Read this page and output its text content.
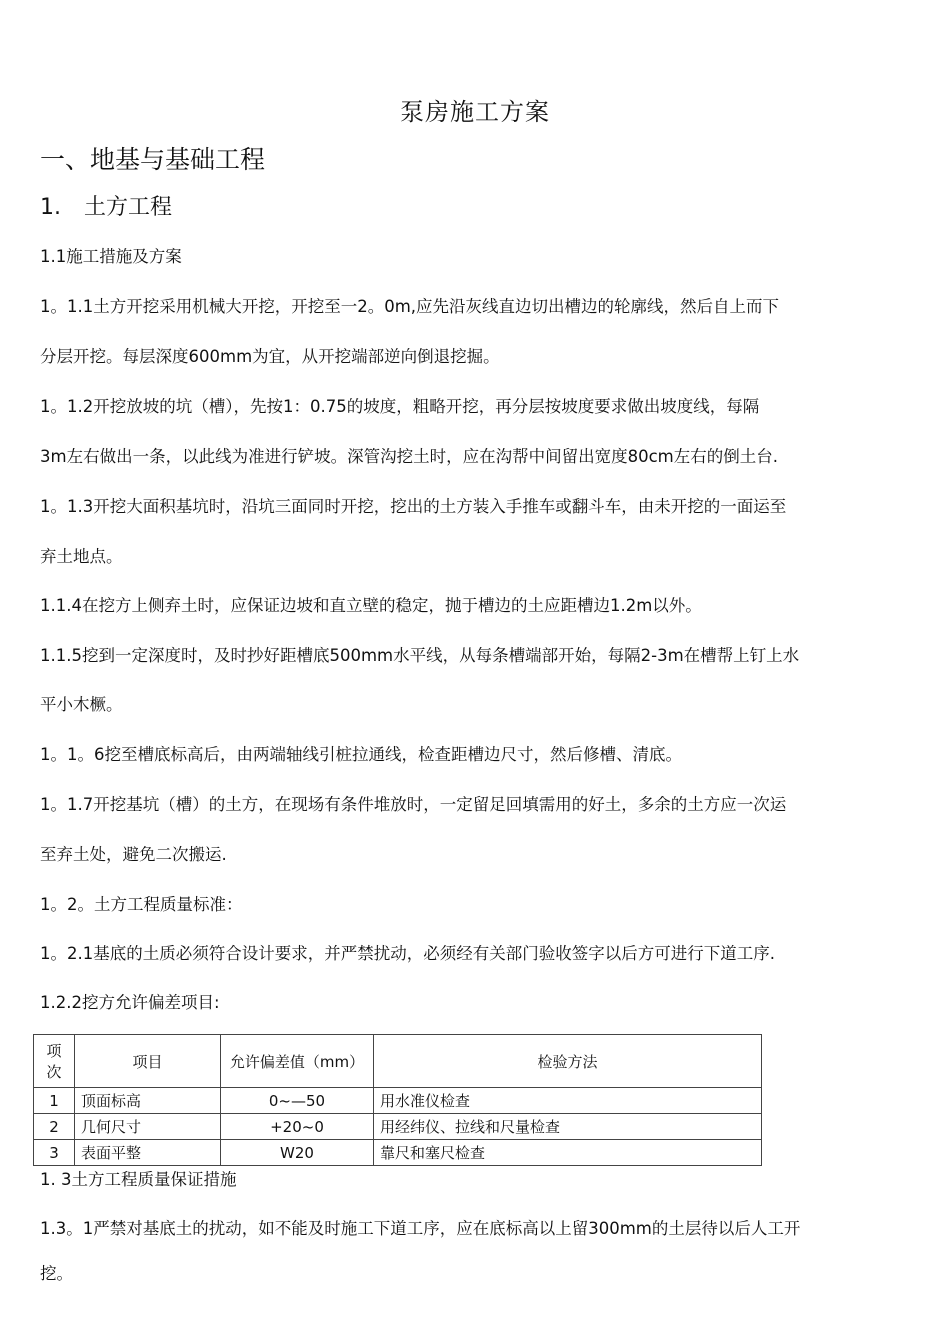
泵房施工方案
一、地基与基础工程
1. 土方工程
1.1施工措施及方案
1。1.1土方开挖采用机械大开挖，开挖至一2。0m,应先沿灰线直边切出槽边的轮廓线，然后自上而下
分层开挖。每层深度600mm为宜，从开挖端部逆向倒退挖掘。
1。1.2开挖放坡的坑（槽），先按1：0.75的坡度，粗略开挖，再分层按坡度要求做出坡度线，每隔
3m左右做出一条，以此线为准进行铲坡。深管沟挖土时，应在沟帮中间留出宽度80cm左右的倒土台.
1。1.3开挖大面积基坑时，沿坑三面同时开挖，挖出的土方装入手推车或翻斗车，由未开挖的一面运至
弃土地点。
1.1.4在挖方上侧弃土时，应保证边坡和直立壁的稳定，抛于槽边的土应距槽边1.2m以外。
1.1.5挖到一定深度时，及时抄好距槽底500mm水平线，从每条槽端部开始，每隔2-3m在槽帮上钉上水
平小木橛。
1。1。6挖至槽底标高后，由两端轴线引桩拉通线，检查距槽边尺寸，然后修槽、清底。
1。1.7开挖基坑（槽）的土方，在现场有条件堆放时，一定留足回填需用的好土，多余的土方应一次运
至弃土处，避免二次搬运.
1。2。土方工程质量标准：
1。2.1基底的土质必须符合设计要求，并严禁扰动，必须经有关部门验收签字以后方可进行下道工序.
1.2.2挖方允许偏差项目:
项次	项目	允许偏差值（mm）	检验方法
1	顶面标高	0~—50	用水准仪检查
2	几何尺寸	+20~0	用经纬仪、拉线和尺量检查
3	表面平整	W20	靠尺和塞尺检查
1. 3土方工程质量保证措施
1.3。1严禁对基底土的扰动，如不能及时施工下道工序，应在底标高以上留300mm的土层待以后人工开
挖。
